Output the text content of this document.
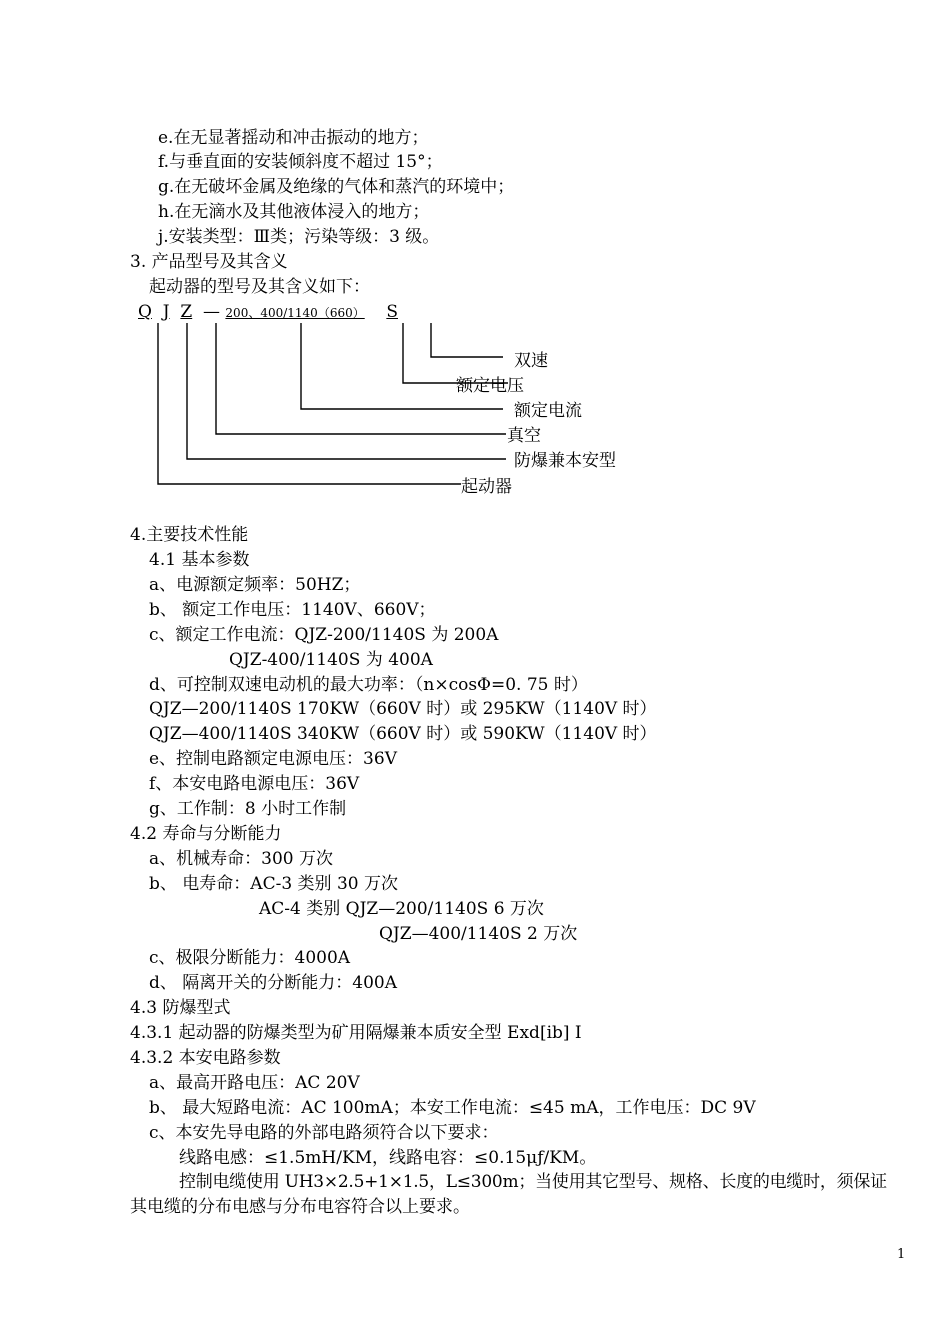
e.在无显著摇动和冲击振动的地方；
f.与垂直面的安装倾斜度不超过 15°；
g.在无破坏金属及绝缘的气体和蒸汽的环境中；
h.在无滴水及其他液体浸入的地方；
j.安装类型：Ⅲ类；污染等级：3 级。
3. 产品型号及其含义
起动器的型号及其含义如下：
Q J Z — 200、400/1140（660） S
双速
额定电压
额定电流
真空
防爆兼本安型
起动器
4.主要技术性能
4.1 基本参数
a、电源额定频率：50HZ；
b、 额定工作电压：1140V、660V；
c、额定工作电流：QJZ-200/1140S 为 200A
QJZ-400/1140S 为 400A
d、可控制双速电动机的最大功率：（n×cosΦ=0. 75 时）
QJZ—200/1140S 170KW（660V 时）或 295KW（1140V 时）
QJZ—400/1140S 340KW（660V 时）或 590KW（1140V 时）
e、控制电路额定电源电压：36V
f、本安电路电源电压：36V
g、工作制：8 小时工作制
4.2 寿命与分断能力
a、机械寿命：300 万次
b、 电寿命：AC-3 类别 30 万次
AC-4 类别 QJZ—200/1140S 6 万次
QJZ—400/1140S 2 万次
c、极限分断能力：4000A
d、 隔离开关的分断能力：400A
4.3 防爆型式
4.3.1 起动器的防爆类型为矿用隔爆兼本质安全型 Exd[ib] I
4.3.2 本安电路参数
a、最高开路电压：AC 20V
b、 最大短路电流：AC 100mA；本安工作电流：≤45 mA，工作电压：DC 9V
c、本安先导电路的外部电路须符合以下要求：
线路电感：≤1.5mH/KM，线路电容：≤0.15μƒ/KM。
控制电缆使用 UH3×2.5+1×1.5，L≤300m；当使用其它型号、规格、长度的电缆时，须保证
其电缆的分布电感与分布电容符合以上要求。
1
